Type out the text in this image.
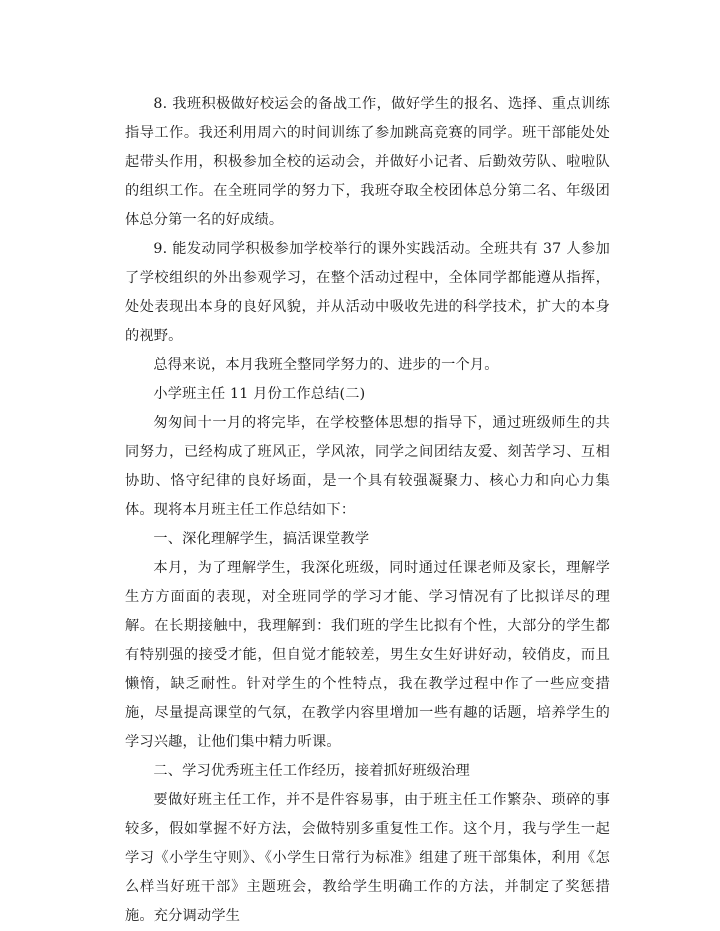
8. 我班积极做好校运会的备战工作，做好学生的报名、选择、重点训练指导工作。我还利用周六的时间训练了参加跳高竞赛的同学。班干部能处处起带头作用，积极参加全校的运动会，并做好小记者、后勤效劳队、啦啦队的组织工作。在全班同学的努力下，我班夺取全校团体总分第二名、年级团体总分第一名的好成绩。

9. 能发动同学积极参加学校举行的课外实践活动。全班共有 37 人参加了学校组织的外出参观学习，在整个活动过程中，全体同学都能遵从指挥，处处表现出本身的良好风貌，并从活动中吸收先进的科学技术，扩大的本身的视野。

总得来说，本月我班全整同学努力的、进步的一个月。

小学班主任 11 月份工作总结(二)

匆匆间十一月的将完毕，在学校整体思想的指导下，通过班级师生的共同努力，已经构成了班风正，学风浓，同学之间团结友爱、刻苦学习、互相协助、恪守纪律的良好场面，是一个具有较强凝聚力、核心力和向心力集体。现将本月班主任工作总结如下：

一、深化理解学生，搞活课堂教学

本月，为了理解学生，我深化班级，同时通过任课老师及家长，理解学生方方面面的表现，对全班同学的学习才能、学习情况有了比拟详尽的理解。在长期接触中，我理解到：我们班的学生比拟有个性，大部分的学生都有特别强的接受才能，但自觉才能较差，男生女生好讲好动，较俏皮，而且懒惰，缺乏耐性。针对学生的个性特点，我在教学过程中作了一些应变措施，尽量提高课堂的气氛，在教学内容里增加一些有趣的话题，培养学生的学习兴趣，让他们集中精力听课。

二、学习优秀班主任工作经历，接着抓好班级治理

要做好班主任工作，并不是件容易事，由于班主任工作繁杂、琐碎的事较多，假如掌握不好方法，会做特别多重复性工作。这个月，我与学生一起学习《小学生守则》、《小学生日常行为标准》组建了班干部集体，利用《怎么样当好班干部》主题班会，教给学生明确工作的方法，并制定了奖惩措施。充分调动学生
